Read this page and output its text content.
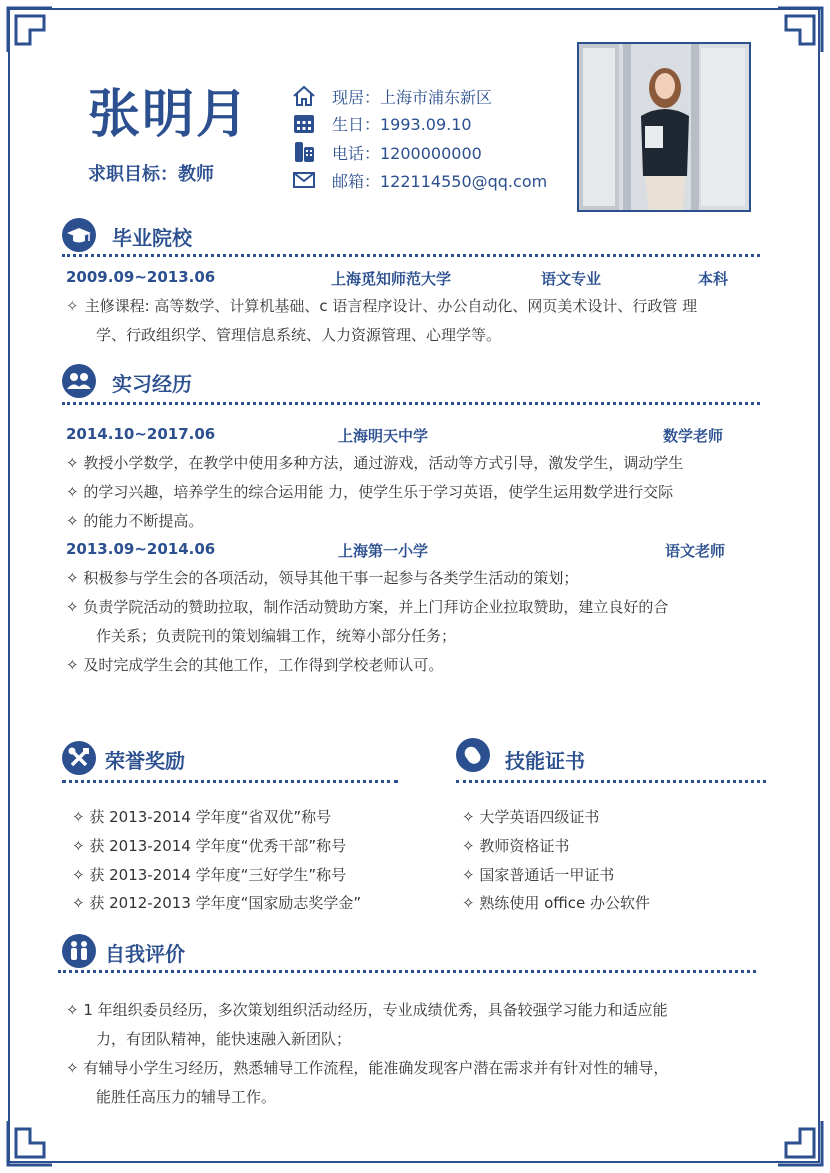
张明月
求职目标：教师
现居：上海市浦东新区
生日：1993.09.10
电话：1200000000
邮箱：122114550@qq.com
毕业院校
2009.09~2013.06	上海觅知师范大学	语文专业	本科
✧ 主修课程: 高等数学、计算机基础、c 语言程序设计、办公自动化、网页美术设计、行政管 理
学、行政组织学、管理信息系统、人力资源管理、心理学等。
实习经历
2014.10~2017.06	上海明天中学	数学老师
✧ 教授小学数学，在教学中使用多种方法，通过游戏，活动等方式引导，激发学生，调动学生
✧ 的学习兴趣，培养学生的综合运用能 力，使学生乐于学习英语，使学生运用数学进行交际
✧ 的能力不断提高。
2013.09~2014.06	上海第一小学	语文老师
✧ 积极参与学生会的各项活动，领导其他干事一起参与各类学生活动的策划；
✧ 负责学院活动的赞助拉取，制作活动赞助方案，并上门拜访企业拉取赞助，建立良好的合
作关系；负责院刊的策划编辑工作，统筹小部分任务；
✧ 及时完成学生会的其他工作，工作得到学校老师认可。
荣誉奖励
✧ 获 2013-2014 学年度“省双优”称号
✧ 获 2013-2014 学年度“优秀干部”称号
✧ 获 2013-2014 学年度“三好学生”称号
✧ 获 2012-2013 学年度“国家励志奖学金”
技能证书
✧ 大学英语四级证书
✧ 教师资格证书
✧ 国家普通话一甲证书
✧ 熟练使用 office 办公软件
自我评价
✧ 1 年组织委员经历，多次策划组织活动经历，专业成绩优秀，具备较强学习能力和适应能
力，有团队精神，能快速融入新团队；
✧ 有辅导小学生习经历，熟悉辅导工作流程，能准确发现客户潜在需求并有针对性的辅导，
能胜任高压力的辅导工作。
